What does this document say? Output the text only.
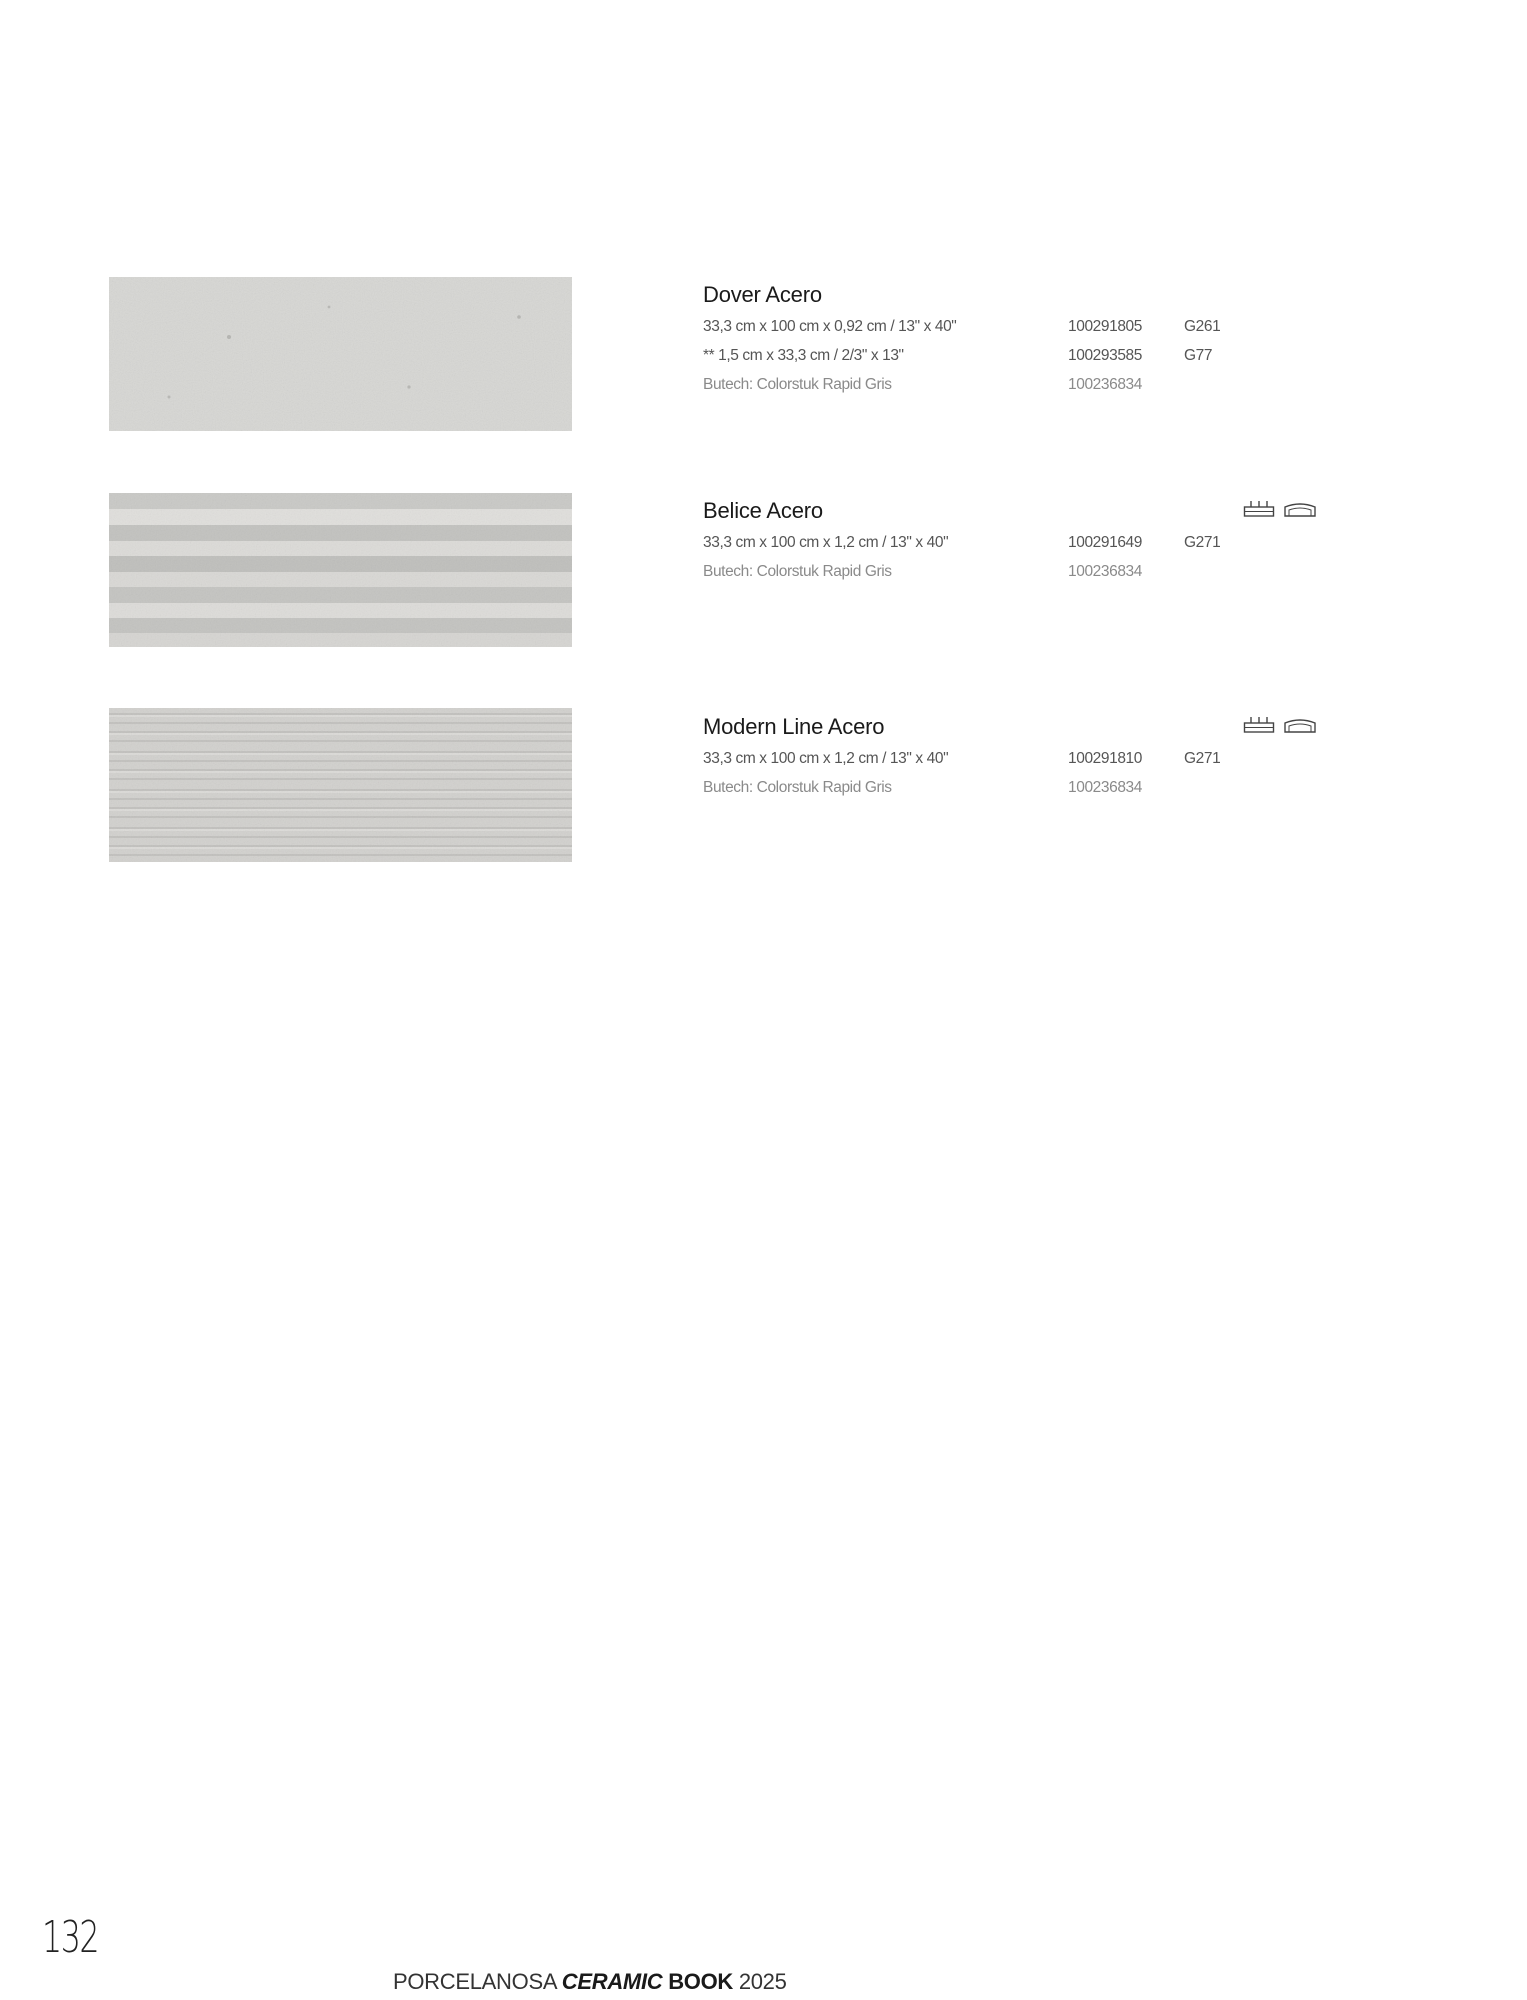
Dover Acero
33,3 cm x 100 cm x 0,92 cm / 13" x 40"	100291805	G261
** 1,5 cm x 33,3 cm / 2/3" x 13"	100293585	G77
Butech: Colorstuk Rapid Gris	100236834
Belice Acero
33,3 cm x 100 cm x 1,2 cm / 13" x 40"	100291649	G271
Butech: Colorstuk Rapid Gris	100236834
Modern Line Acero
33,3 cm x 100 cm x 1,2 cm / 13" x 40"	100291810	G271
Butech: Colorstuk Rapid Gris	100236834
132
PORCELANOSA CERAMIC BOOK 2025
